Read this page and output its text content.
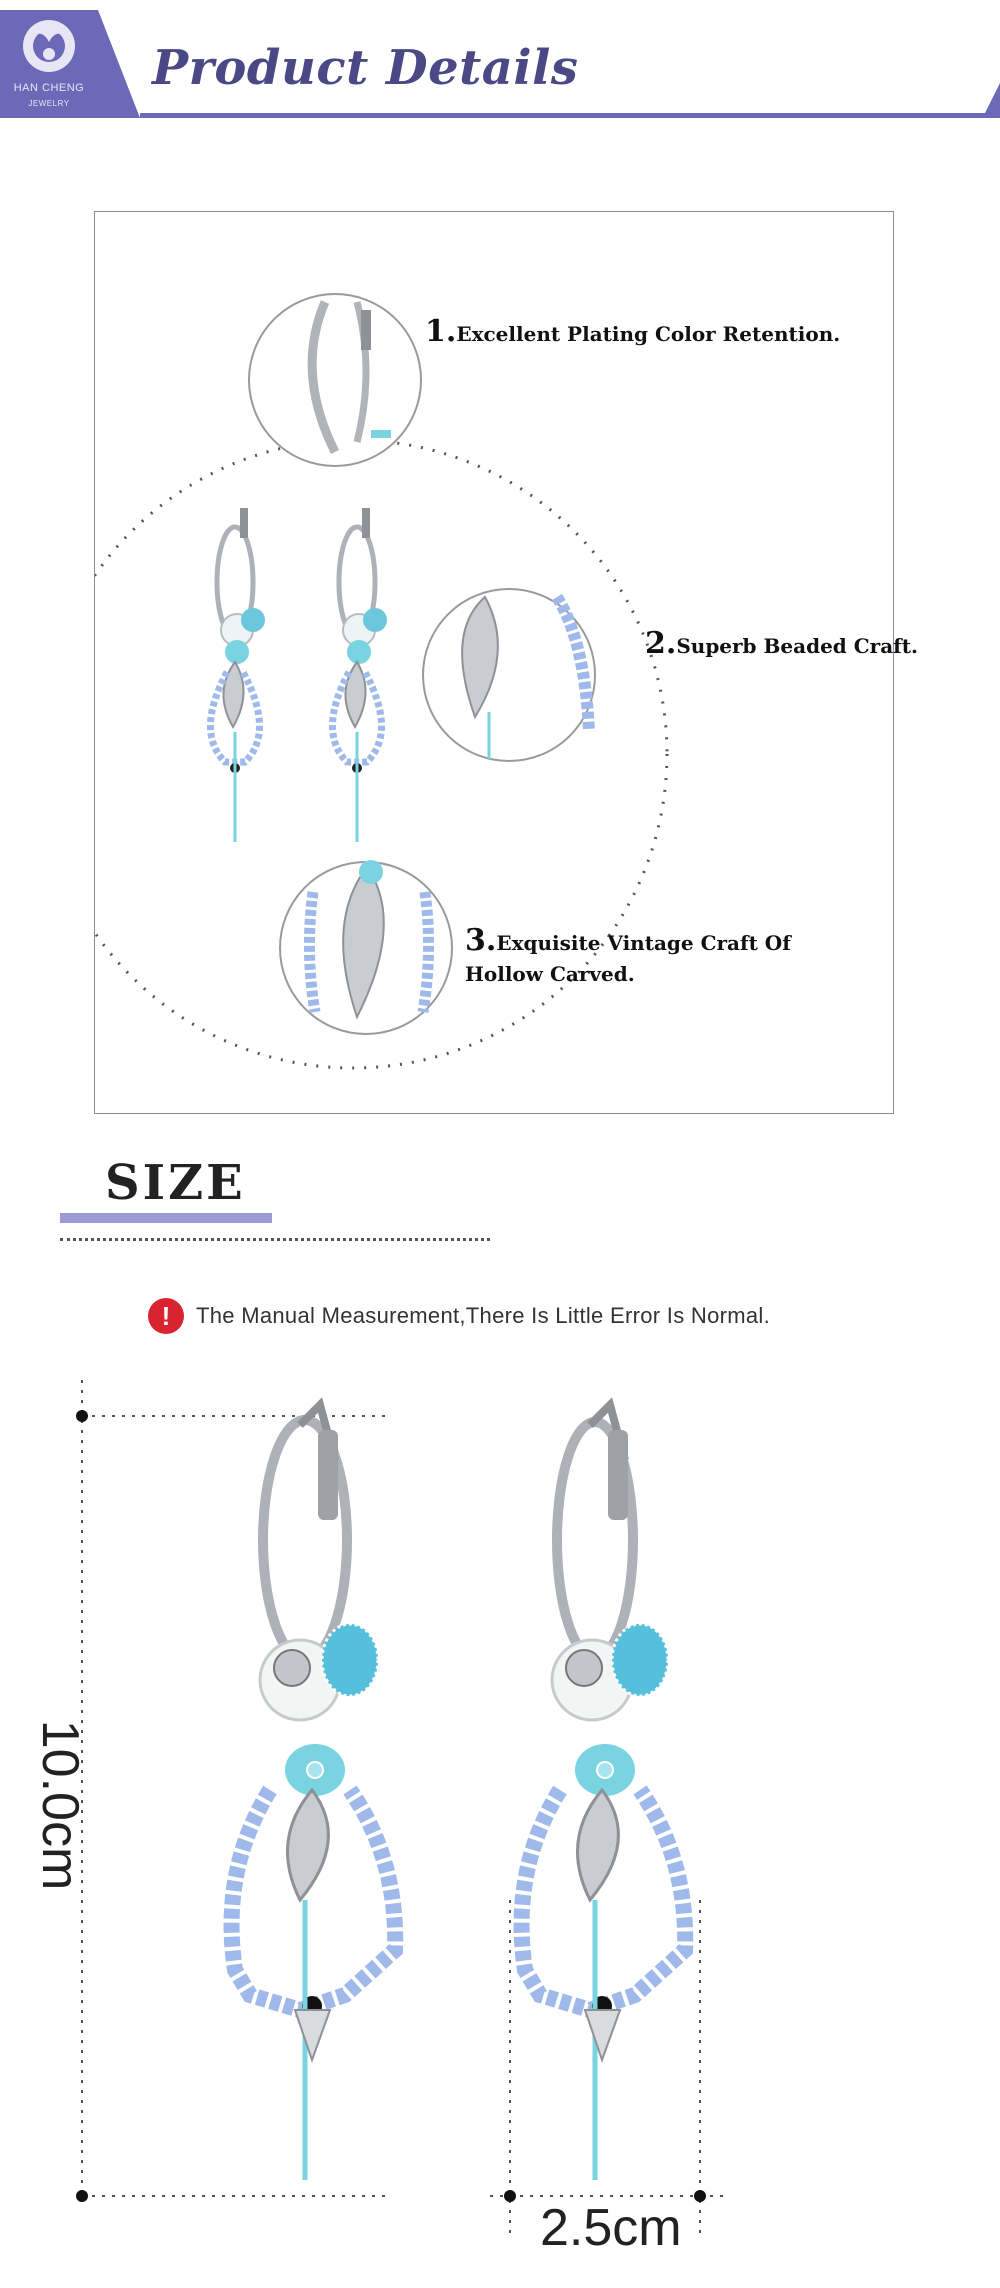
HAN CHENG
JEWELRY
Product Details
1.Excellent Plating Color Retention.
2.Superb Beaded Craft.
3.Exquisite Vintage Craft Of
Hollow Carved.
SIZE
!	The Manual Measurement,There Is Little Error Is Normal.
10.0cm
2.5cm
